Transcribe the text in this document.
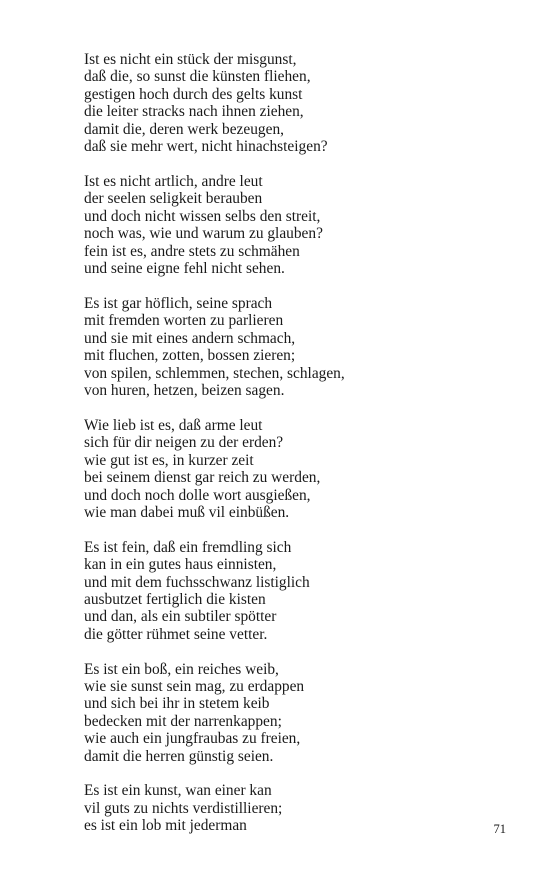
Ist es nicht ein stück der misgunst,
daß die, so sunst die künsten fliehen,
gestigen hoch durch des gelts kunst
die leiter stracks nach ihnen ziehen,
damit die, deren werk bezeugen,
daß sie mehr wert, nicht hinachsteigen?
Ist es nicht artlich, andre leut
der seelen seligkeit berauben
und doch nicht wissen selbs den streit,
noch was, wie und warum zu glauben?
fein ist es, andre stets zu schmähen
und seine eigne fehl nicht sehen.
Es ist gar höflich, seine sprach
mit fremden worten zu parlieren
und sie mit eines andern schmach,
mit fluchen, zotten, bossen zieren;
von spilen, schlemmen, stechen, schlagen,
von huren, hetzen, beizen sagen.
Wie lieb ist es, daß arme leut
sich für dir neigen zu der erden?
wie gut ist es, in kurzer zeit
bei seinem dienst gar reich zu werden,
und doch noch dolle wort ausgießen,
wie man dabei muß vil einbüßen.
Es ist fein, daß ein fremdling sich
kan in ein gutes haus einnisten,
und mit dem fuchsschwanz listiglich
ausbutzet fertiglich die kisten
und dan, als ein subtiler spötter
die götter rühmet seine vetter.
Es ist ein boß, ein reiches weib,
wie sie sunst sein mag, zu erdappen
und sich bei ihr in stetem keib
bedecken mit der narrenkappen;
wie auch ein jungfraubas zu freien,
damit die herren günstig seien.
Es ist ein kunst, wan einer kan
vil guts zu nichts verdistillieren;
es ist ein lob mit jederman	71
